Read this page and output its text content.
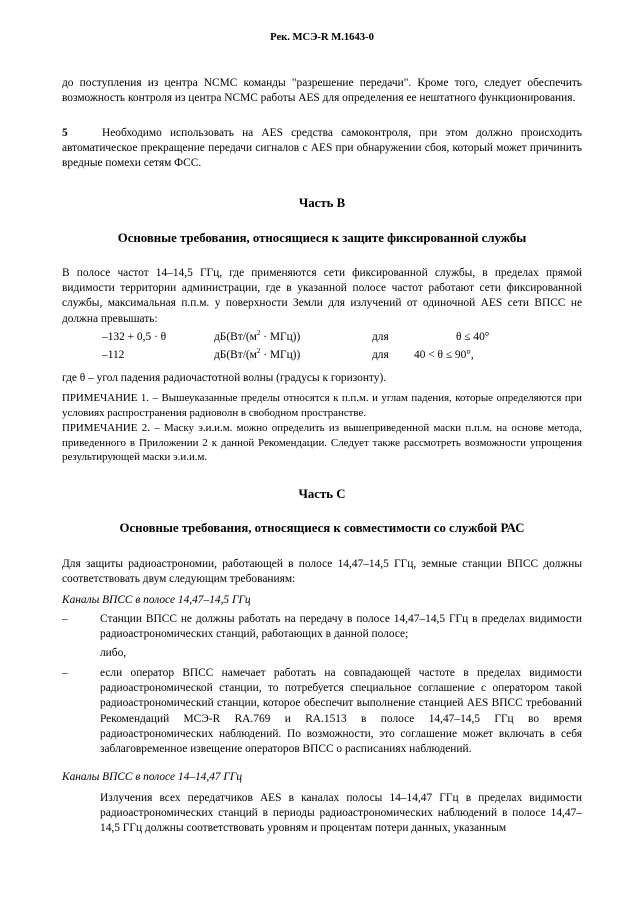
Рек. МСЭ-R M.1643-0

до поступления из центра NCMC команды "разрешение передачи". Кроме того, следует обеспечить возможность контроля из центра NCMC работы AES для определения ее нештатного функционирования.

5	Необходимо использовать на AES средства самоконтроля, при этом должно происходить автоматическое прекращение передачи сигналов с AES при обнаружении сбоя, который может причинить вредные помехи сетям ФСС.

Часть B
Основные требования, относящиеся к защите фиксированной службы

В полосе частот 14–14,5 ГГц, где применяются сети фиксированной службы, в пределах прямой видимости территории администрации, где в указанной полосе частот работают сети фиксированной службы, максимальная п.п.м. у поверхности Земли для излучений от одиночной AES сети ВПСС не должна превышать:

–132 + 0,5 · θ	$дБ(Вт/(м^2 \cdot МГц))$	для	θ ≤ 40°
–112	$дБ(Вт/(м^2 \cdot МГц))$	для 40 < θ ≤ 90°,

где θ – угол падения радиочастотной волны (градусы к горизонту).

ПРИМЕЧАНИЕ 1. – Вышеуказанные пределы относятся к п.п.м. и углам падения, которые определяются при условиях распространения радиоволн в свободном пространстве.

ПРИМЕЧАНИЕ 2. – Маску э.и.и.м. можно определить из вышеприведенной маски п.п.м. на основе метода, приведенного в Приложении 2 к данной Рекомендации. Следует также рассмотреть возможности упрощения результирующей маски э.и.и.м.

Часть C
Основные требования, относящиеся к совместимости со службой РАС

Для защиты радиоастрономии, работающей в полосе 14,47–14,5 ГГц, земные станции ВПСС должны соответствовать двум следующим требованиям:

Каналы ВПСС в полосе 14,47–14,5 ГГц
–	Станции ВПСС не должны работать на передачу в полосе 14,47–14,5 ГГц в пределах видимости радиоастрономических станций, работающих в данной полосе;

либо,
–	если оператор ВПСС намечает работать на совпадающей частоте в пределах видимости радиоастрономической станции, то потребуется специальное соглашение с оператором такой радиоастрономический станции, которое обеспечит выполнение станцией AES ВПСС требований Рекомендаций МСЭ-R RA.769 и RA.1513 в полосе 14,47–14,5 ГГц во время радиоастрономических наблюдений. По возможности, это соглашение может включать в себя заблаговременное извещение операторов ВПСС о расписаниях наблюдений.

Каналы ВПСС в полосе 14–14,47 ГГц

Излучения всех передатчиков AES в каналах полосы 14–14,47 ГГц в пределах видимости радиоастрономических станций в периоды радиоастрономических наблюдений в полосе 14,47–14,5 ГГц должны соответствовать уровням и процентам потери данных, указанным
